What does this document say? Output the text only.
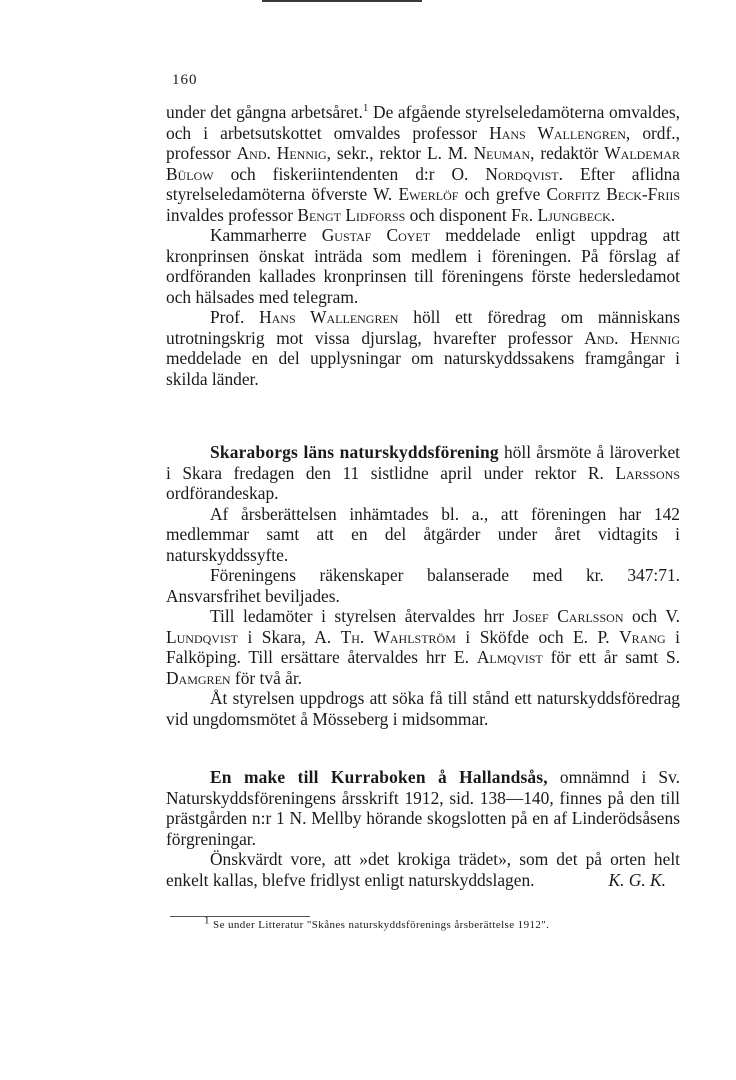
160

under det gångna arbetsåret.$^1$ De afgående styrelseledamöterna omvaldes, och i arbetsutskottet omvaldes professor Hans Wallengren, ordf., professor And. Hennig, sekr., rektor L. M. Neuman, redaktör Waldemar Bülow och fiskeriintendenten d:r O. Nordqvist. Efter aflidna styrelseledamöterna öfverste W. Ewerlöf och grefve Corfitz Beck-Friis invaldes professor Bengt Lidforss och disponent Fr. Ljungbeck.

Kammarherre Gustaf Coyet meddelade enligt uppdrag att kronprinsen önskat inträda som medlem i föreningen. På förslag af ordföranden kallades kronprinsen till föreningens förste hedersledamot och hälsades med telegram.

Prof. Hans Wallengren höll ett föredrag om människans utrotningskrig mot vissa djurslag, hvarefter professor And. Hennig meddelade en del upplysningar om naturskyddssakens framgångar i skilda länder.

Skaraborgs läns naturskyddsförening höll årsmöte å läroverket i Skara fredagen den 11 sistlidne april under rektor R. Larssons ordförandeskap.

Af årsberättelsen inhämtades bl. a., att föreningen har 142 medlemmar samt att en del åtgärder under året vidtagits i naturskyddssyfte.

Föreningens räkenskaper balanserade med kr. 347:71. Ansvarsfrihet beviljades.

Till ledamöter i styrelsen återvaldes hrr Josef Carlsson och V. Lundqvist i Skara, A. Th. Wahlström i Sköfde och E. P. Vrang i Falköping. Till ersättare återvaldes hrr E. Almqvist för ett år samt S. Damgren för två år.

Åt styrelsen uppdrogs att söka få till stånd ett naturskyddsföredrag vid ungdomsmötet å Mösseberg i midsommar.

En make till Kurraboken å Hallandsås, omnämnd i Sv. Naturskyddsföreningens årsskrift 1912, sid. 138—140, finnes på den till prästgården n:r 1 N. Mellby hörande skogslotten på en af Linderödsåsens förgreningar.

Önskvärdt vore, att »det krokiga trädet», som det på orten helt enkelt kallas, blefve fridlyst enligt naturskyddslagen.	K. G. K.

1 Se under Litteratur "Skånes naturskyddsförenings årsberättelse 1912".
